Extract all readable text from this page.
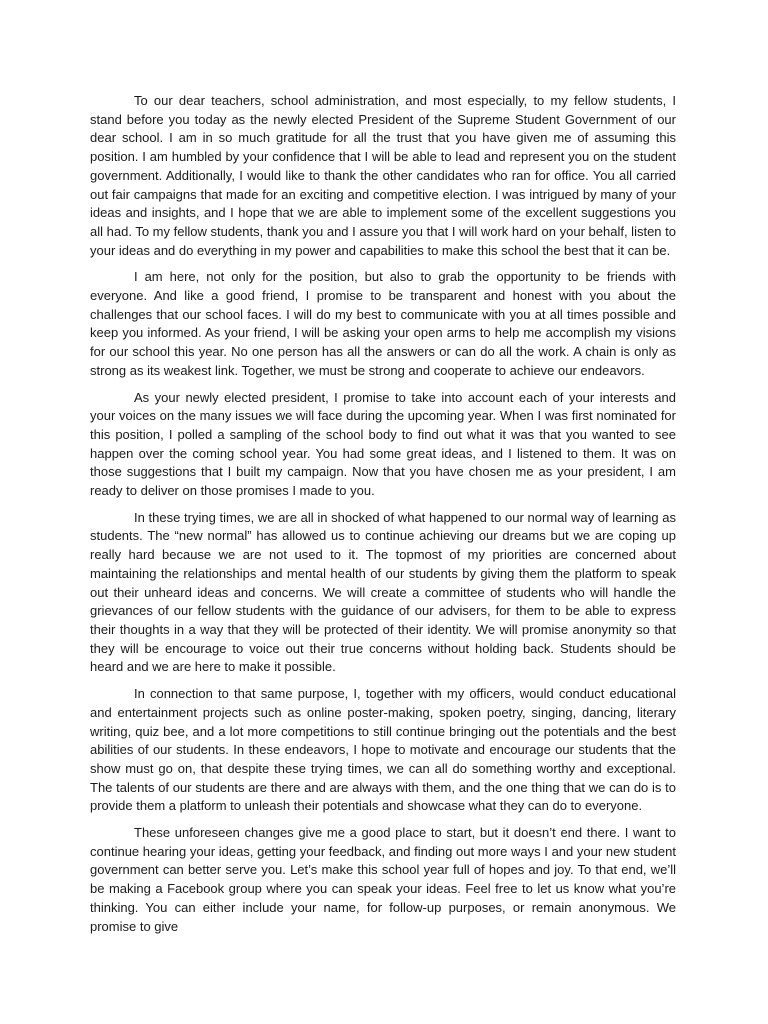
To our dear teachers, school administration, and most especially, to my fellow students, I stand before you today as the newly elected President of the Supreme Student Government of our dear school. I am in so much gratitude for all the trust that you have given me of assuming this position. I am humbled by your confidence that I will be able to lead and represent you on the student government. Additionally, I would like to thank the other candidates who ran for office. You all carried out fair campaigns that made for an exciting and competitive election. I was intrigued by many of your ideas and insights, and I hope that we are able to implement some of the excellent suggestions you all had. To my fellow students, thank you and I assure you that I will work hard on your behalf, listen to your ideas and do everything in my power and capabilities to make this school the best that it can be.

I am here, not only for the position, but also to grab the opportunity to be friends with everyone. And like a good friend, I promise to be transparent and honest with you about the challenges that our school faces. I will do my best to communicate with you at all times possible and keep you informed. As your friend, I will be asking your open arms to help me accomplish my visions for our school this year. No one person has all the answers or can do all the work. A chain is only as strong as its weakest link. Together, we must be strong and cooperate to achieve our endeavors.

As your newly elected president, I promise to take into account each of your interests and your voices on the many issues we will face during the upcoming year. When I was first nominated for this position, I polled a sampling of the school body to find out what it was that you wanted to see happen over the coming school year. You had some great ideas, and I listened to them. It was on those suggestions that I built my campaign. Now that you have chosen me as your president, I am ready to deliver on those promises I made to you.

In these trying times, we are all in shocked of what happened to our normal way of learning as students. The “new normal” has allowed us to continue achieving our dreams but we are coping up really hard because we are not used to it. The topmost of my priorities are concerned about maintaining the relationships and mental health of our students by giving them the platform to speak out their unheard ideas and concerns. We will create a committee of students who will handle the grievances of our fellow students with the guidance of our advisers, for them to be able to express their thoughts in a way that they will be protected of their identity. We will promise anonymity so that they will be encourage to voice out their true concerns without holding back. Students should be heard and we are here to make it possible.

In connection to that same purpose, I, together with my officers, would conduct educational and entertainment projects such as online poster-making, spoken poetry, singing, dancing, literary writing, quiz bee, and a lot more competitions to still continue bringing out the potentials and the best abilities of our students. In these endeavors, I hope to motivate and encourage our students that the show must go on, that despite these trying times, we can all do something worthy and exceptional. The talents of our students are there and are always with them, and the one thing that we can do is to provide them a platform to unleash their potentials and showcase what they can do to everyone.

These unforeseen changes give me a good place to start, but it doesn’t end there. I want to continue hearing your ideas, getting your feedback, and finding out more ways I and your new student government can better serve you. Let’s make this school year full of hopes and joy. To that end, we’ll be making a Facebook group where you can speak your ideas. Feel free to let us know what you’re thinking. You can either include your name, for follow-up purposes, or remain anonymous. We promise to give
